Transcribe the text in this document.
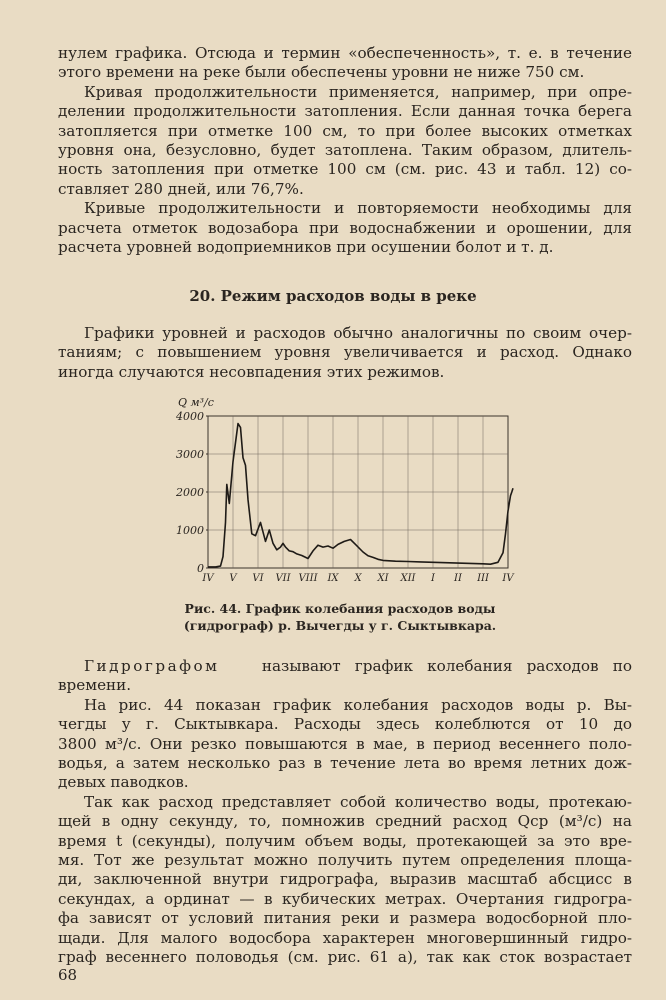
нулем графика. Отсюда и термин «обеспеченность», т. е. в течение
этого времени на реке были обеспечены уровни не ниже 750 см.
Кривая продолжительности применяется, например, при опре-
делении продолжительности затопления. Если данная точка берега
затопляется при отметке 100 см, то при более высоких отметках
уровня она, безусловно, будет затоплена. Таким образом, длитель-
ность затопления при отметке 100 см (см. рис. 43 и табл. 12) со-
ставляет 280 дней, или 76,7%.
Кривые продолжительности и повторяемости необходимы для
расчета отметок водозабора при водоснабжении и орошении, для
расчета уровней водоприемников при осушении болот и т. д.
20. Режим расходов воды в реке
Графики уровней и расходов обычно аналогичны по своим очер-
таниям; с повышением уровня увеличивается и расход. Однако
иногда случаются несовпадения этих режимов.
Q м³/с
0
1000
2000
3000
4000
IV V VI VII VIII IX X XI XII I II III IV
Рис. 44. График колебания расходов воды
(гидрограф) р. Вычегды у г. Сыктывкара.
Гидрографом	называют график колебания расходов по
времени.
На рис. 44 показан график колебания расходов воды р. Вы-
чегды у г. Сыктывкара. Расходы здесь колеблются от 10 до
3800 м³/с. Они резко повышаются в мае, в период весеннего поло-
водья, а затем несколько раз в течение лета во время летних дож-
девых паводков.
Так как расход представляет собой количество воды, протекаю-
щей в одну секунду, то, помножив средний расход Qср (м³/с) на
время t (секунды), получим объем воды, протекающей за это вре-
мя. Тот же результат можно получить путем определения площа-
ди, заключенной внутри гидрографа, выразив масштаб абсцисс в
секундах, а ординат — в кубических метрах. Очертания гидрогра-
фа зависят от условий питания реки и размера водосборной пло-
щади. Для малого водосбора характерен многовершинный гидро-
граф весеннего половодья (см. рис. 61 а), так как сток возрастает
68
